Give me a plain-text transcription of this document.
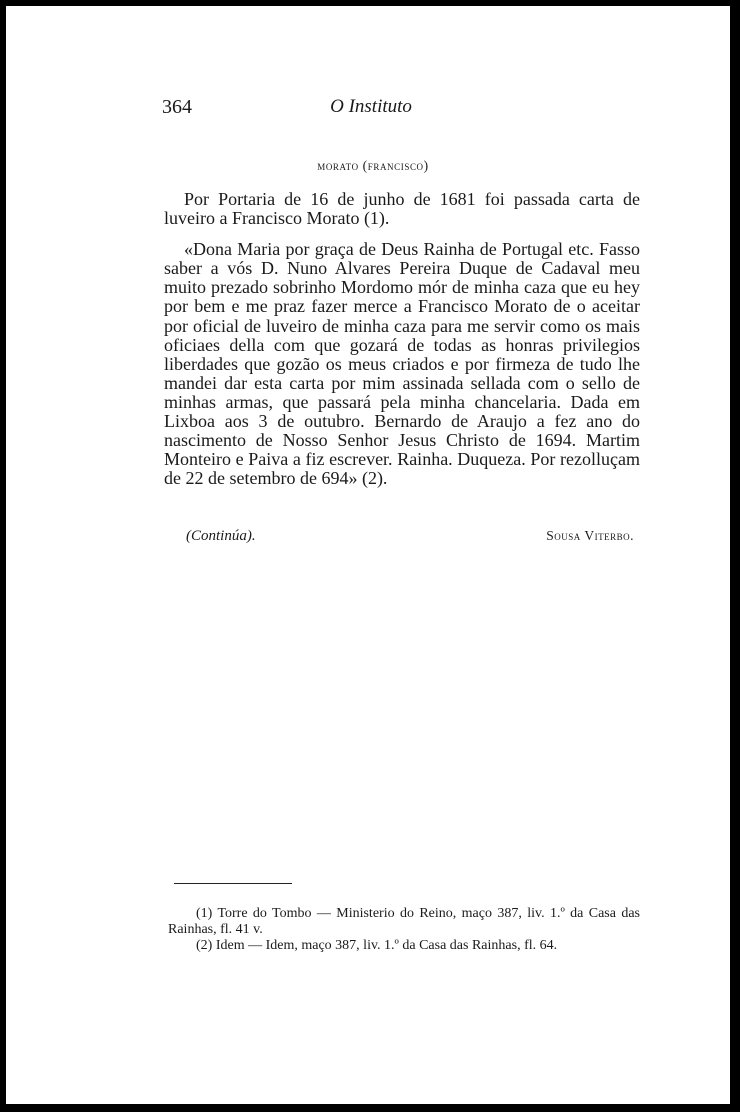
364	O Instituto
morato (francisco)

Por Portaria de 16 de junho de 1681 foi passada carta de luveiro a Francisco Morato (1).

«Dona Maria por graça de Deus Rainha de Portugal etc. Fasso saber a vós D. Nuno Alvares Pereira Duque de Cadaval meu muito prezado sobrinho Mordomo mór de minha caza que eu hey por bem e me praz fazer merce a Francisco Morato de o aceitar por oficial de luveiro de minha caza para me servir como os mais oficiaes della com que gozará de todas as honras privilegios liberdades que gozão os meus criados e por firmeza de tudo lhe mandei dar esta carta por mim assinada sellada com o sello de minhas armas, que passará pela minha chancelaria. Dada em Lixboa aos 3 de outubro. Bernardo de Araujo a fez ano do nascimento de Nosso Senhor Jesus Christo de 1694. Martim Monteiro e Paiva a fiz escrever. Rainha. Duqueza. Por rezolluçam de 22 de setembro de 694» (2).

(Continúa).	Sousa Viterbo.

(1) Torre do Tombo — Ministerio do Reino, maço 387, liv. 1.º da Casa das Rainhas, fl. 41 v.

(2) Idem — Idem, maço 387, liv. 1.º da Casa das Rainhas, fl. 64.
